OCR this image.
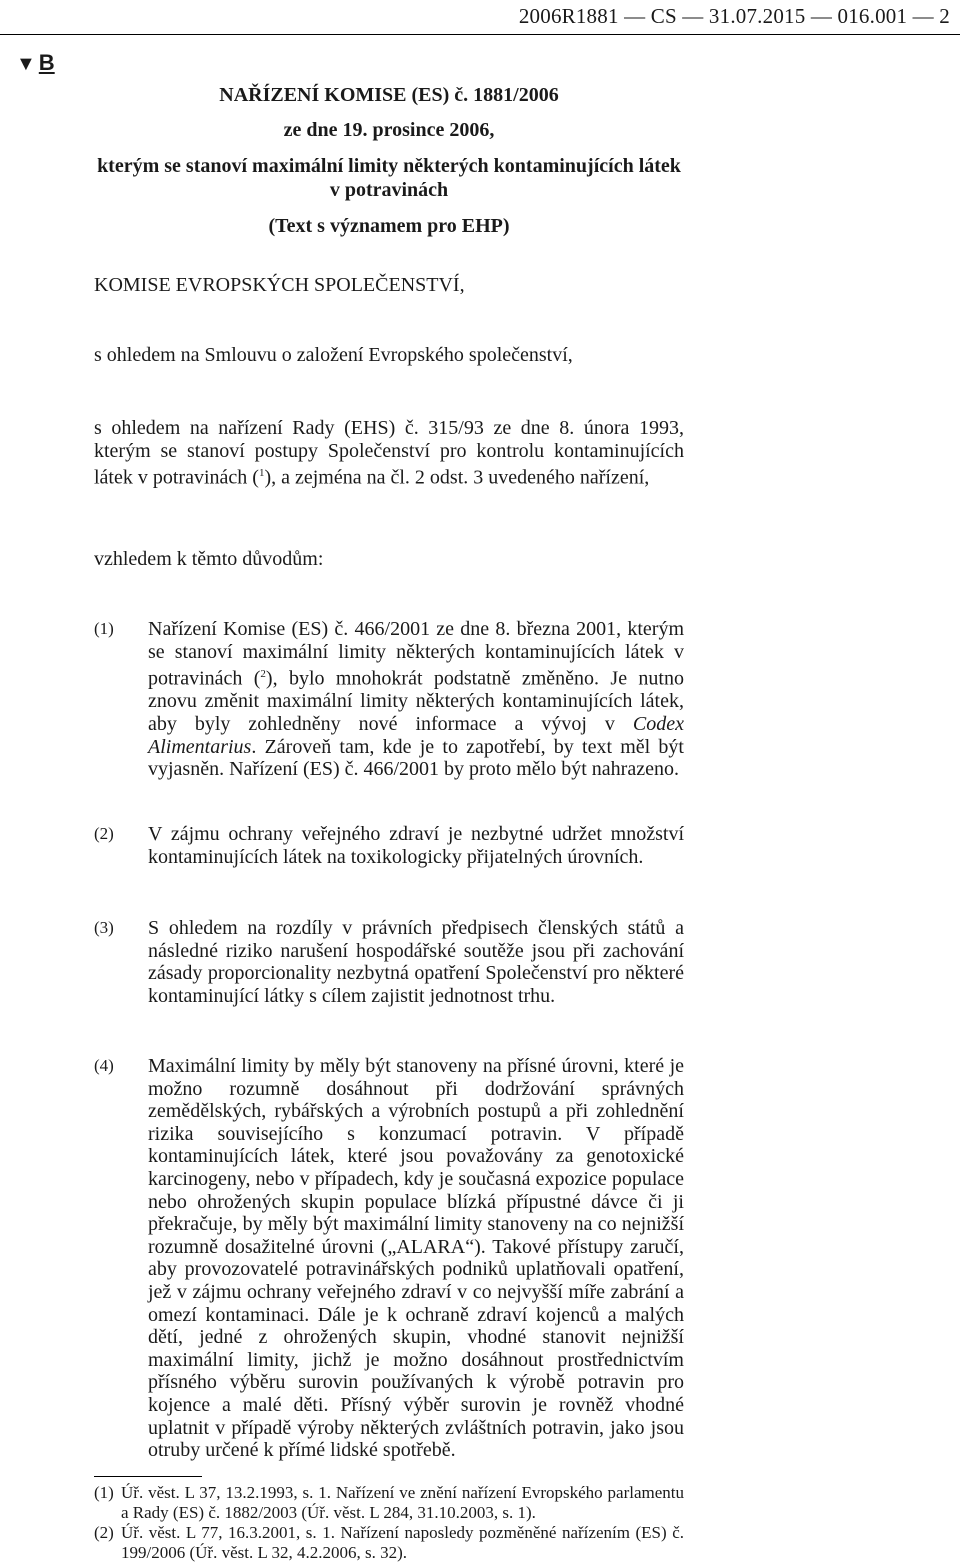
2006R1881 — CS — 31.07.2015 — 016.001 — 2
▼ B
NAŘÍZENÍ KOMISE (ES) č. 1881/2006
ze dne 19. prosince 2006,
kterým se stanoví maximální limity některých kontaminujících látek
v potravinách
(Text s významem pro EHP)
KOMISE EVROPSKÝCH SPOLEČENSTVÍ,
s ohledem na Smlouvu o založení Evropského společenství,
s ohledem na nařízení Rady (EHS) č. 315/93 ze dne 8. února 1993, kterým se stanoví postupy Společenství pro kontrolu kontaminujících látek v potravinách ($^1$), a zejména na čl. 2 odst. 3 uvedeného nařízení,
vzhledem k těmto důvodům:
(1)	Nařízení Komise (ES) č. 466/2001 ze dne 8. března 2001, kterým se stanoví maximální limity některých kontaminujících látek v potravinách ($^2$), bylo mnohokrát podstatně změněno. Je nutno znovu změnit maximální limity některých kontaminujících látek, aby byly zohledněny nové informace a vývoj v Codex Alimentarius. Zároveň tam, kde je to zapotřebí, by text měl být vyjasněn. Nařízení (ES) č. 466/2001 by proto mělo být nahrazeno.
(2)	V zájmu ochrany veřejného zdraví je nezbytné udržet množství kontaminujících látek na toxikologicky přijatelných úrovních.
(3)	S ohledem na rozdíly v právních předpisech členských států a následné riziko narušení hospodářské soutěže jsou při zachování zásady proporcionality nezbytná opatření Společenství pro některé kontaminující látky s cílem zajistit jednotnost trhu.
(4)	Maximální limity by měly být stanoveny na přísné úrovni, které je možno rozumně dosáhnout při dodržování správných zemědělských, rybářských a výrobních postupů a při zohlednění rizika souvisejícího s konzumací potravin. V případě kontaminujících látek, které jsou považovány za genotoxické karcinogeny, nebo v případech, kdy je současná expozice populace nebo ohrožených skupin populace blízká přípustné dávce či ji překračuje, by měly být maximální limity stanoveny na co nejnižší rozumně dosažitelné úrovni („ALARA“). Takové přístupy zaručí, aby provozovatelé potravinářských podniků uplatňovali opatření, jež v zájmu ochrany veřejného zdraví v co nejvyšší míře zabrání a omezí kontaminaci. Dále je k ochraně zdraví kojenců a malých dětí, jedné z ohrožených skupin, vhodné stanovit nejnižší maximální limity, jichž je možno dosáhnout prostřednictvím přísného výběru surovin používaných k výrobě potravin pro kojence a malé děti. Přísný výběr surovin je rovněž vhodné uplatnit v případě výroby některých zvláštních potravin, jako jsou otruby určené k přímé lidské spotřebě.
(1) Úř. věst. L 37, 13.2.1993, s. 1. Nařízení ve znění nařízení Evropského parlamentu a Rady (ES) č. 1882/2003 (Úř. věst. L 284, 31.10.2003, s. 1).
(2) Úř. věst. L 77, 16.3.2001, s. 1. Nařízení naposledy pozměněné nařízením (ES) č. 199/2006 (Úř. věst. L 32, 4.2.2006, s. 32).
